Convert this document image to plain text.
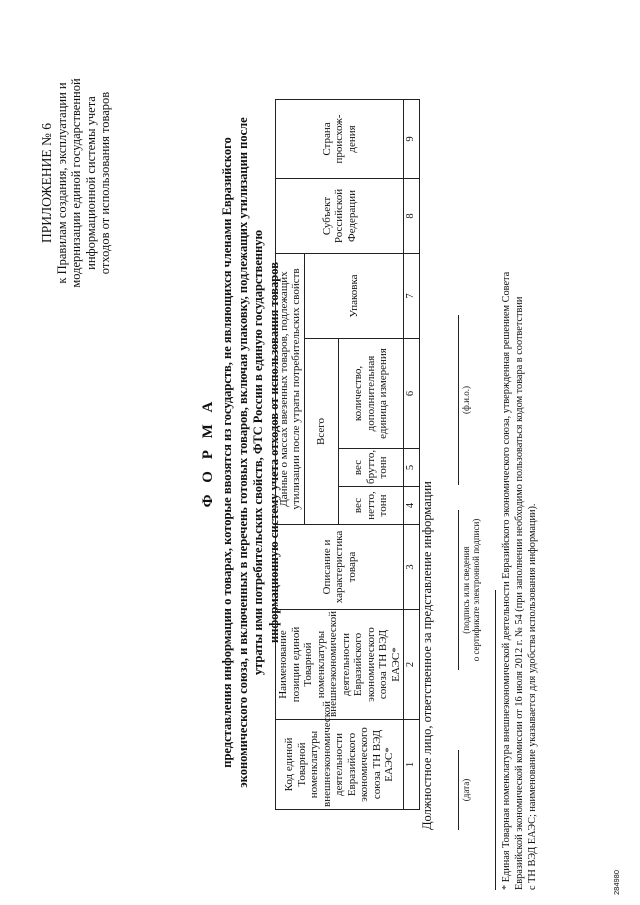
ПРИЛОЖЕНИЕ № 6 к Правилам создания, эксплуатации и модернизации единой государственной информационной системы учета отходов от использования товаров
Ф О Р М А представления информации о товарах, которые ввозятся из государств, не являющихся членами Евразийского экономического союза, и включенных в перечень готовых товаров, включая упаковку, подлежащих утилизации после утраты ими потребительских свойств, ФТС России в единую государственную информационную систему учета отходов от использования товаров
Код единой Товарной номенклатуры внешнеэкономической деятельности Евразийского экономического союза ТН ВЭД ЕАЭС*	Наименование позиции единой Товарной номенклатуры внешнеэкономической деятельности Евразийского экономического союза ТН ВЭД ЕАЭС*	Описание и характеристика товара	Данные о массах ввезенных товаров, подлежащих утилизации после утраты потребительских свойств				Субъект Российской Федерации	Страна происхож-дения
			Всего			Упаковка		
			вес нетто, тонн	вес брутто, тонн	количество, дополнительная единица измерения			
1	2	3	4	5	6	7	8	9
Должностное лицо, ответственное за представление информации	(дата)
(подпись или сведения о сертификате электронной подписи)
(ф.и.о.)	* Единая Товарная номенклатура внешнеэкономической деятельности Евразийского экономического союза, утвержденная решением Совета Евразийской экономической комиссии от 16 июля 2012 г. № 54 (при заполнении необходимо пользоваться кодом товара в соответствии с ТН ВЭД ЕАЭС; наименование указывается для удобства использования информации).	284980
